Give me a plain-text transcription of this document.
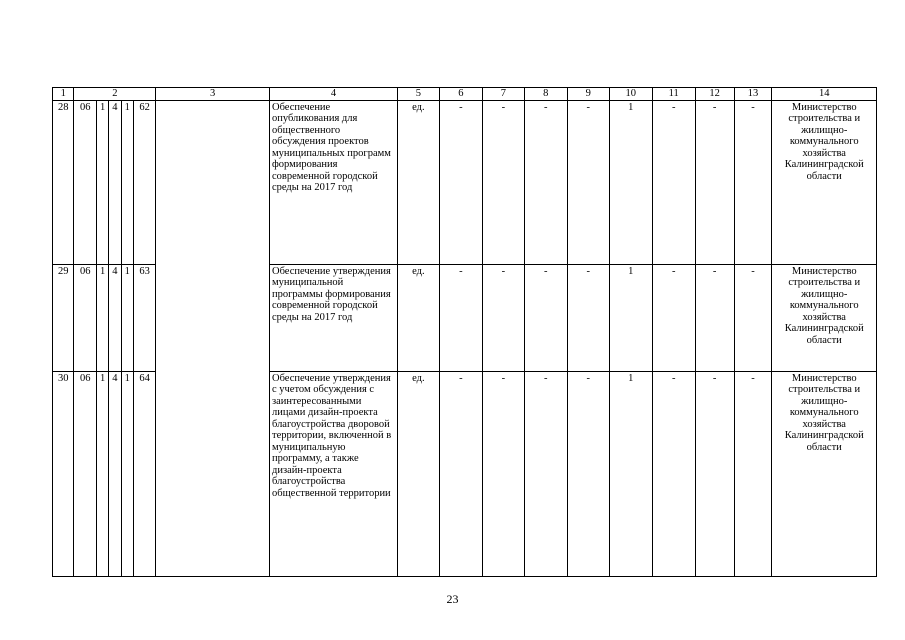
1	2					3	4	5	6	7	8	9	10	11	12	13	14
28	06	1	4	1	62		Обеспечение опубликования для общественного обсуждения проектов муниципальных программ формирования современной городской среды на 2017 год	ед.	-	-	-	-	1	-	-	-	Министерство строительства и жилищно-коммунального хозяйства Калининградской области
29	06	1	4	1	63		Обеспечение утверждения муниципальной программы формирования современной городской среды на 2017 год	ед.	-	-	-	-	1	-	-	-	Министерство строительства и жилищно-коммунального хозяйства Калининградской области
30	06	1	4	1	64		Обеспечение утверждения с учетом обсуждения с заинтересованными лицами дизайн-проекта благоустройства дворовой территории, включенной в муниципальную программу, а также дизайн-проекта благоустройства общественной территории	ед.	-	-	-	-	1	-	-	-	Министерство строительства и жилищно-коммунального хозяйства Калининградской области
23
